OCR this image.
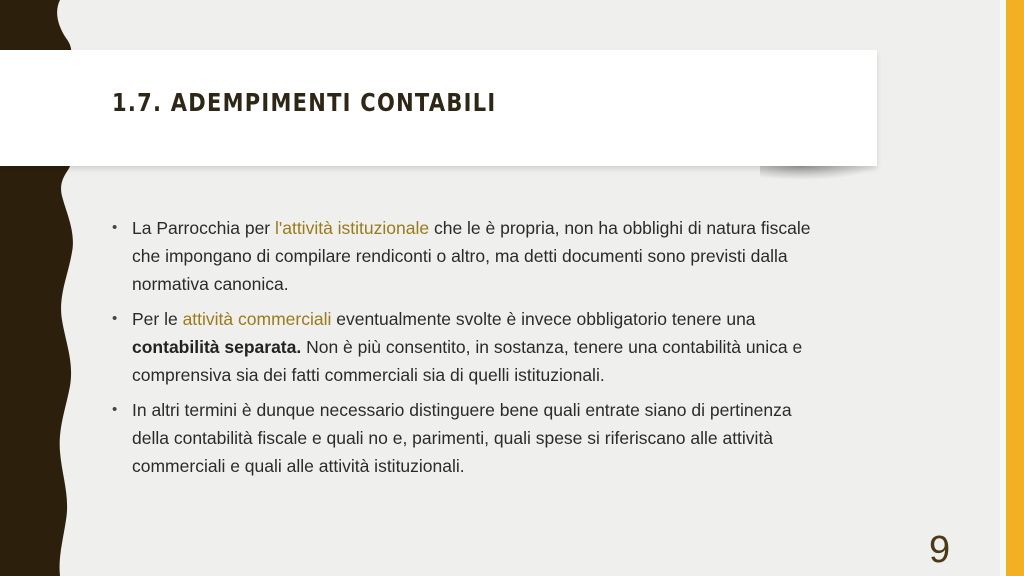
1.7. ADEMPIMENTI CONTABILI
• La Parrocchia per l'attività istituzionale che le è propria, non ha obblighi di natura fiscale che impongano di compilare rendiconti o altro, ma detti documenti sono previsti dalla normativa canonica.
• Per le attività commerciali eventualmente svolte è invece obbligatorio tenere una contabilità separata. Non è più consentito, in sostanza, tenere una contabilità unica e comprensiva sia dei fatti commerciali sia di quelli istituzionali.
• In altri termini è dunque necessario distinguere bene quali entrate siano di pertinenza della contabilità fiscale e quali no e, parimenti, quali spese si riferiscano alle attività commerciali e quali alle attività istituzionali.
9
